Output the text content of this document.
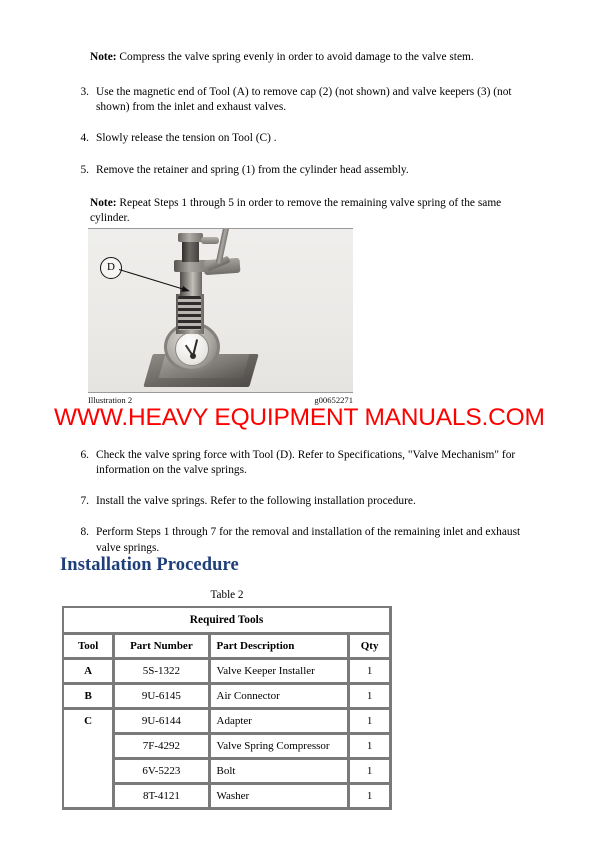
Note: Compress the valve spring evenly in order to avoid damage to the valve stem.
3. Use the magnetic end of Tool (A) to remove cap (2) (not shown) and valve keepers (3) (not shown) from the inlet and exhaust valves.
4. Slowly release the tension on Tool (C) .
5. Remove the retainer and spring (1) from the cylinder head assembly.
Note: Repeat Steps 1 through 5 in order to remove the remaining valve spring of the same cylinder.
D
Illustration 2	g00652271
WWW.HEAVY EQUIPMENT MANUALS.COM
6. Check the valve spring force with Tool (D). Refer to Specifications, "Valve Mechanism" for information on the valve springs.
7. Install the valve springs. Refer to the following installation procedure.
8. Perform Steps 1 through 7 for the removal and installation of the remaining inlet and exhaust valve springs.
Installation Procedure
Table 2
Required Tools			
Tool	Part Number	Part Description	Qty
A	5S-1322	Valve Keeper Installer	1
B	9U-6145	Air Connector	1
C	9U-6144	Adapter	1
	7F-4292	Valve Spring Compressor	1
	6V-5223	Bolt	1
	8T-4121	Washer	1
